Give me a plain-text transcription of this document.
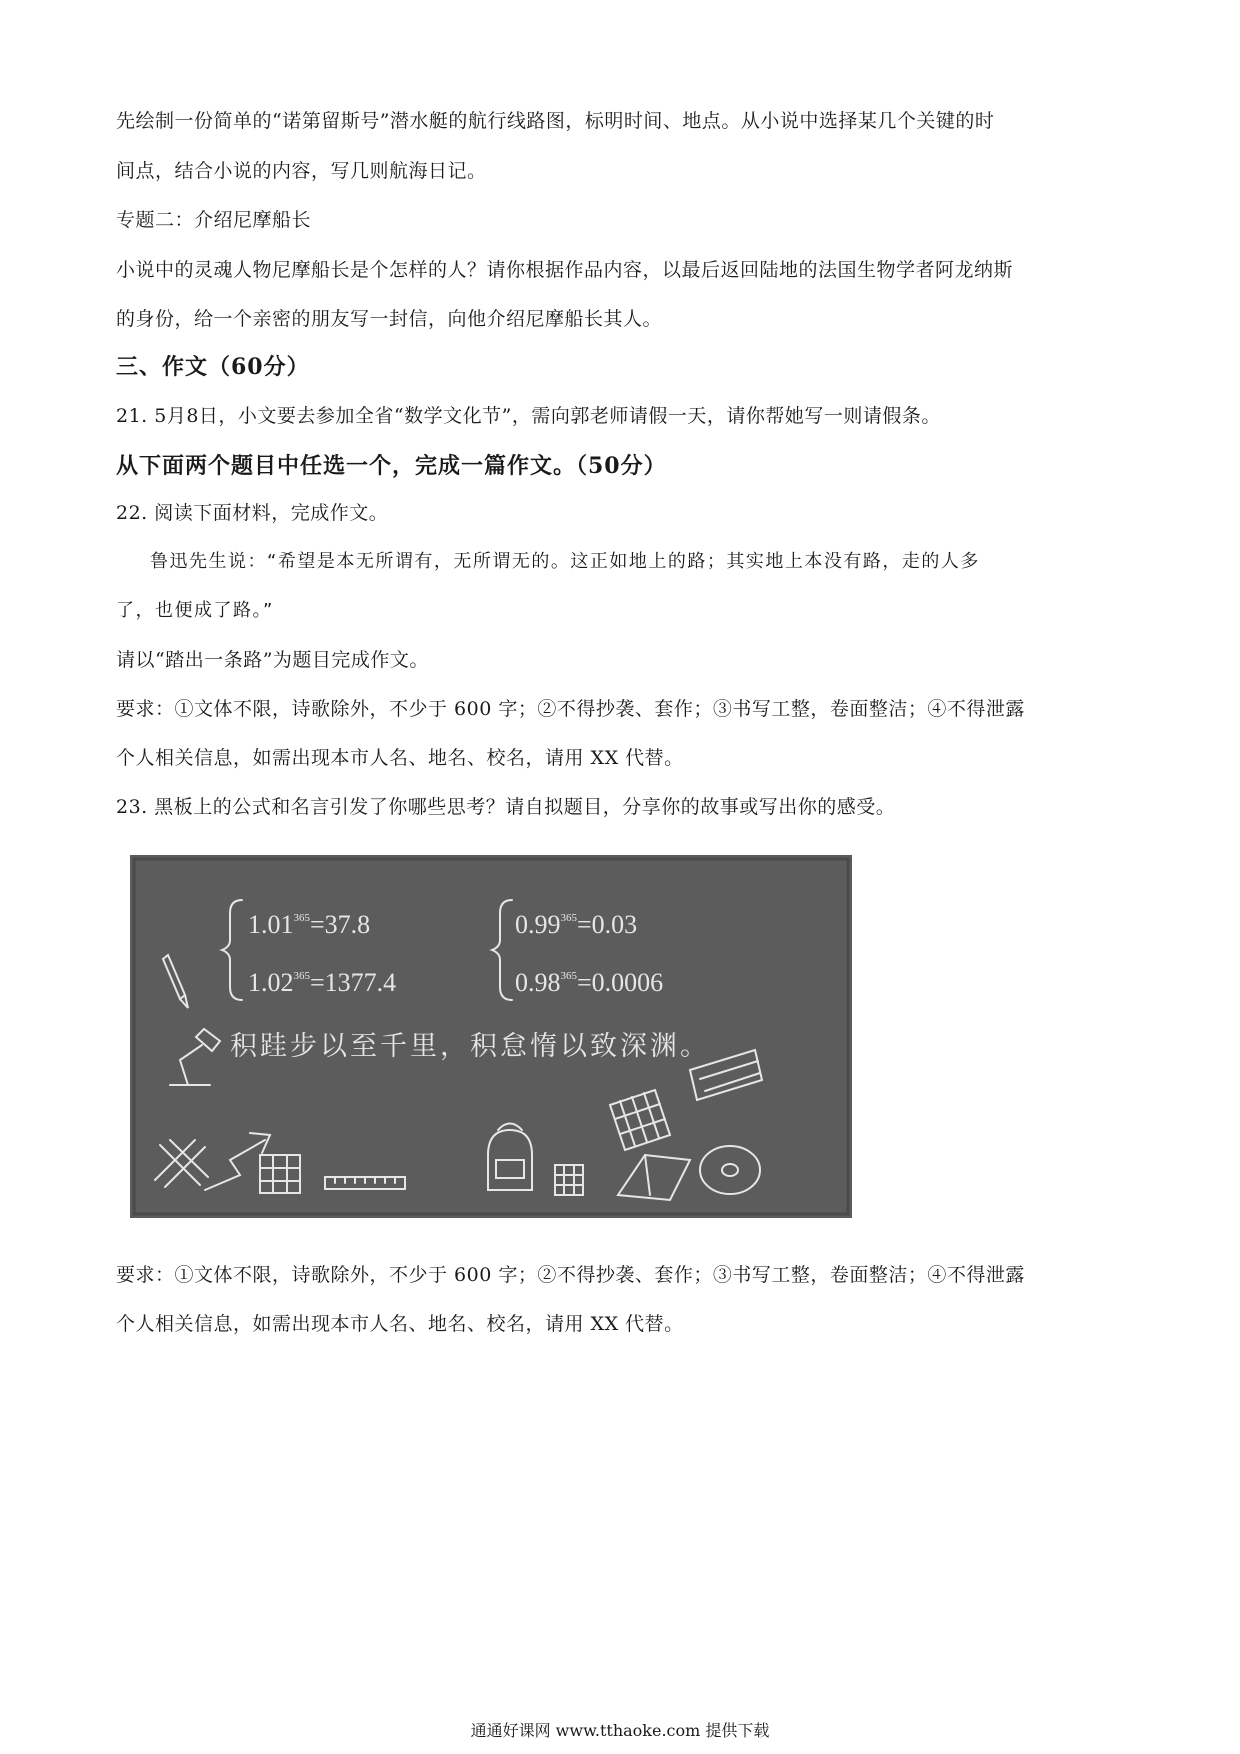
先绘制一份简单的“诺第留斯号”潜水艇的航行线路图，标明时间、地点。从小说中选择某几个关键的时
间点，结合小说的内容，写几则航海日记。
专题二：介绍尼摩船长
小说中的灵魂人物尼摩船长是个怎样的人？请你根据作品内容，以最后返回陆地的法国生物学者阿龙纳斯
的身份，给一个亲密的朋友写一封信，向他介绍尼摩船长其人。
三、作文（60分）
21. 5月8日，小文要去参加全省“数学文化节”，需向郭老师请假一天，请你帮她写一则请假条。
从下面两个题目中任选一个，完成一篇作文。（50分）
22. 阅读下面材料，完成作文。
鲁迅先生说：“希望是本无所谓有，无所谓无的。这正如地上的路；其实地上本没有路，走的人多
了，也便成了路。”
请以“踏出一条路”为题目完成作文。
要求：①文体不限，诗歌除外，不少于 600 字；②不得抄袭、套作；③书写工整，卷面整洁；④不得泄露
个人相关信息，如需出现本市人名、地名、校名，请用 XX 代替。
23. 黑板上的公式和名言引发了你哪些思考？请自拟题目，分享你的故事或写出你的感受。
$1.01^{365}=37.8$
$1.02^{365}=1377.4$
$0.99^{365}=0.03$
$0.98^{365}=0.0006$
积跬步以至千里，积怠惰以致深渊。
要求：①文体不限，诗歌除外，不少于 600 字；②不得抄袭、套作；③书写工整，卷面整洁；④不得泄露
个人相关信息，如需出现本市人名、地名、校名，请用 XX 代替。
通通好课网 www.tthaoke.com 提供下载
